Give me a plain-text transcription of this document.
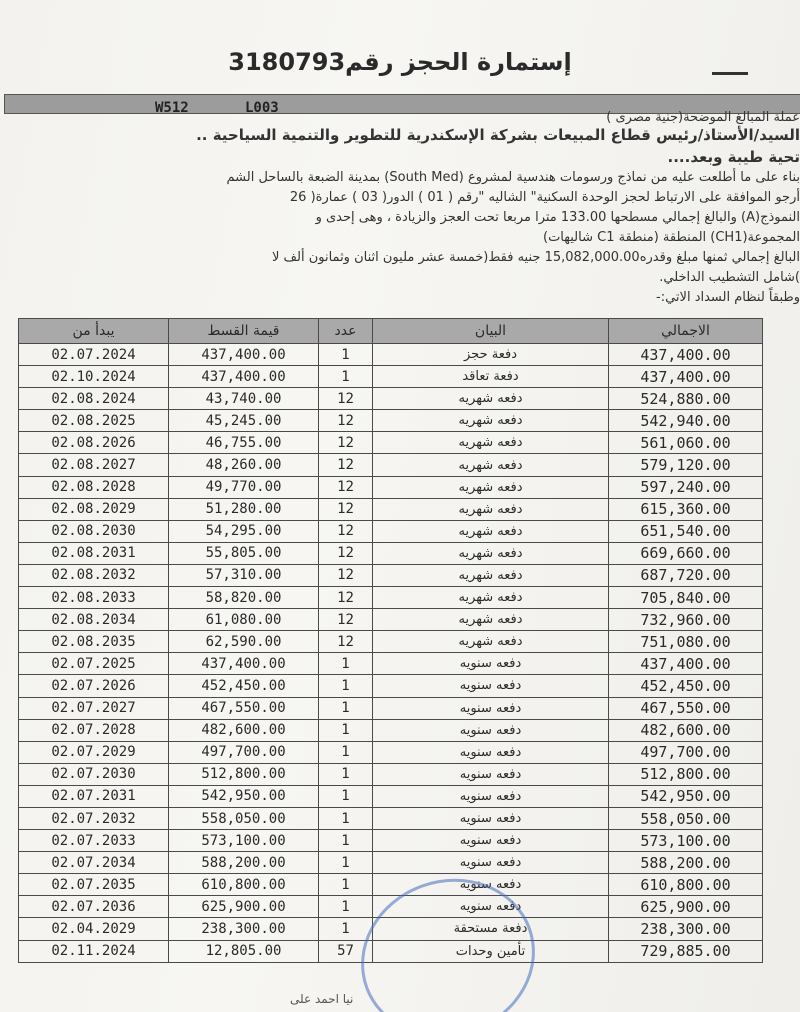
إستمارة الحجز رقم3180793
W512	L003
عملة المبالغ الموضحة(جنية مصرى )
السيد/الأستاذ/رئيس قطاع المبيعات بشركة الإسكندرية للتطوير والتنمية السياحية ..
تحية طيبة وبعد....
بناء على ما أطلعت عليه من نماذج ورسومات هندسية لمشروع (South Med) بمدينة الضبعة بالساحل الشم
أرجو الموافقة على الارتباط لحجز الوحدة السكنية" الشاليه "رقم ( 01 ) الدور( 03 ) عمارة( 26
النموذج(A) والبالغ إجمالي مسطحها 133.00 مترا مربعا تحت العجز والزيادة ، وهى إحدى و
المجموعة(CH1) المنطقة (منطقة C1 شاليهات)
البالغ إجمالي ثمنها مبلغ وقدره15,082,000.00 جنيه فقط(خمسة عشر مليون اثنان وثمانون ألف لا
)شامل التشطيب الداخلي.
وطبقاً لنظام السداد الاتي:-
يبدأ من	قيمة القسط	عدد	البيان	الاجمالي
02.07.2024	437,400.00	1	دفعة حجز	437,400.00
02.10.2024	437,400.00	1	دفعة تعاقد	437,400.00
02.08.2024	43,740.00	12	دفعه شهريه	524,880.00
02.08.2025	45,245.00	12	دفعه شهريه	542,940.00
02.08.2026	46,755.00	12	دفعه شهريه	561,060.00
02.08.2027	48,260.00	12	دفعه شهريه	579,120.00
02.08.2028	49,770.00	12	دفعه شهريه	597,240.00
02.08.2029	51,280.00	12	دفعه شهريه	615,360.00
02.08.2030	54,295.00	12	دفعه شهريه	651,540.00
02.08.2031	55,805.00	12	دفعه شهريه	669,660.00
02.08.2032	57,310.00	12	دفعه شهريه	687,720.00
02.08.2033	58,820.00	12	دفعه شهريه	705,840.00
02.08.2034	61,080.00	12	دفعه شهريه	732,960.00
02.08.2035	62,590.00	12	دفعه شهريه	751,080.00
02.07.2025	437,400.00	1	دفعه سنويه	437,400.00
02.07.2026	452,450.00	1	دفعه سنويه	452,450.00
02.07.2027	467,550.00	1	دفعه سنويه	467,550.00
02.07.2028	482,600.00	1	دفعه سنويه	482,600.00
02.07.2029	497,700.00	1	دفعه سنويه	497,700.00
02.07.2030	512,800.00	1	دفعه سنويه	512,800.00
02.07.2031	542,950.00	1	دفعه سنويه	542,950.00
02.07.2032	558,050.00	1	دفعه سنويه	558,050.00
02.07.2033	573,100.00	1	دفعه سنويه	573,100.00
02.07.2034	588,200.00	1	دفعه سنويه	588,200.00
02.07.2035	610,800.00	1	دفعه سنويه	610,800.00
02.07.2036	625,900.00	1	دفعه سنويه	625,900.00
02.04.2029	238,300.00	1	دفعة مستحقة	238,300.00
02.11.2024	12,805.00	57	تأمين وحدات	729,885.00
نيا احمد على
